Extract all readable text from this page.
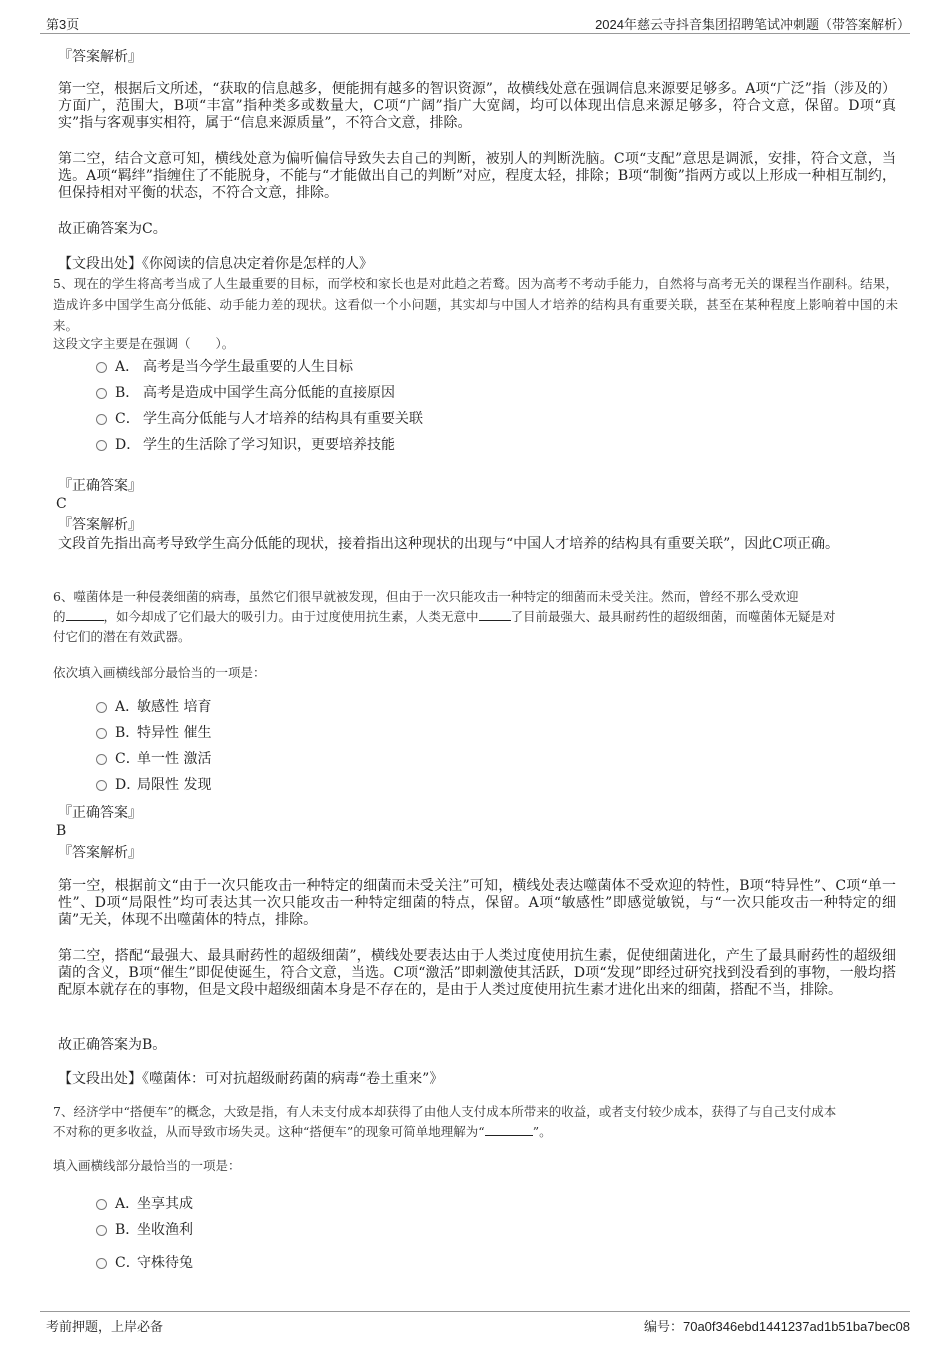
第3页	2024年慈云寺抖音集团招聘笔试冲刺题（带答案解析）
『答案解析』
第一空，根据后文所述，“获取的信息越多，便能拥有越多的智识资源”，故横线处意在强调信息来源要足够多。A项“广泛”指（涉及的）方面广，范围大，B项“丰富”指种类多或数量大，C项“广阔”指广大宽阔，均可以体现出信息来源足够多，符合文意，保留。D项“真实”指与客观事实相符，属于“信息来源质量”，不符合文意，排除。
第二空，结合文意可知，横线处意为偏听偏信导致失去自己的判断，被别人的判断洗脑。C项“支配”意思是调派，安排，符合文意，当选。A项“羁绊”指缠住了不能脱身，不能与“才能做出自己的判断”对应，程度太轻，排除；B项“制衡”指两方或以上形成一种相互制约，但保持相对平衡的状态，不符合文意，排除。
故正确答案为C。
【文段出处】《你阅读的信息决定着你是怎样的人》
5、现在的学生将高考当成了人生最重要的目标，而学校和家长也是对此趋之若鹜。因为高考不考动手能力，自然将与高考无关的课程当作副科。结果，造成许多中国学生高分低能、动手能力差的现状。这看似一个小问题，其实却与中国人才培养的结构具有重要关联，甚至在某种程度上影响着中国的未来。
这段文字主要是在强调（　　）。
A． 高考是当今学生最重要的人生目标
B． 高考是造成中国学生高分低能的直接原因
C． 学生高分低能与人才培养的结构具有重要关联
D． 学生的生活除了学习知识，更要培养技能
『正确答案』
C
『答案解析』
文段首先指出高考导致学生高分低能的现状，接着指出这种现状的出现与“中国人才培养的结构具有重要关联”，因此C项正确。
6、噬菌体是一种侵袭细菌的病毒，虽然它们很早就被发现，但由于一次只能攻击一种特定的细菌而未受关注。然而，曾经不那么受欢迎
的	，如今却成了它们最大的吸引力。由于过度使用抗生素，人类无意中	了目前最强大、最具耐药性的超级细菌，而噬菌体无疑是对
付它们的潜在有效武器。
依次填入画横线部分最恰当的一项是：
A．敏感性 培育
B．特异性 催生
C．单一性 激活
D．局限性 发现
『正确答案』
B
『答案解析』
第一空，根据前文“由于一次只能攻击一种特定的细菌而未受关注”可知，横线处表达噬菌体不受欢迎的特性，B项“特异性”、C项“单一性”、D项“局限性”均可表达其一次只能攻击一种特定细菌的特点，保留。A项“敏感性”即感觉敏锐，与“一次只能攻击一种特定的细菌”无关，体现不出噬菌体的特点，排除。
第二空，搭配“最强大、最具耐药性的超级细菌”，横线处要表达由于人类过度使用抗生素，促使细菌进化，产生了最具耐药性的超级细菌的含义，B项“催生”即促使诞生，符合文意，当选。C项“激活”即刺激使其活跃，D项“发现”即经过研究找到没看到的事物，一般均搭配原本就存在的事物，但是文段中超级细菌本身是不存在的，是由于人类过度使用抗生素才进化出来的细菌，搭配不当，排除。
故正确答案为B。
【文段出处】《噬菌体：可对抗超级耐药菌的病毒“卷土重来”》
7、经济学中“搭便车”的概念，大致是指，有人未支付成本却获得了由他人支付成本所带来的收益，或者支付较少成本，获得了与自己支付成本
不对称的更多收益，从而导致市场失灵。这种“搭便车”的现象可简单地理解为“	”。
填入画横线部分最恰当的一项是：
A．坐享其成
B．坐收渔利
C．守株待兔
考前押题，上岸必备	编号：70a0f346ebd1441237ad1b51ba7bec08
